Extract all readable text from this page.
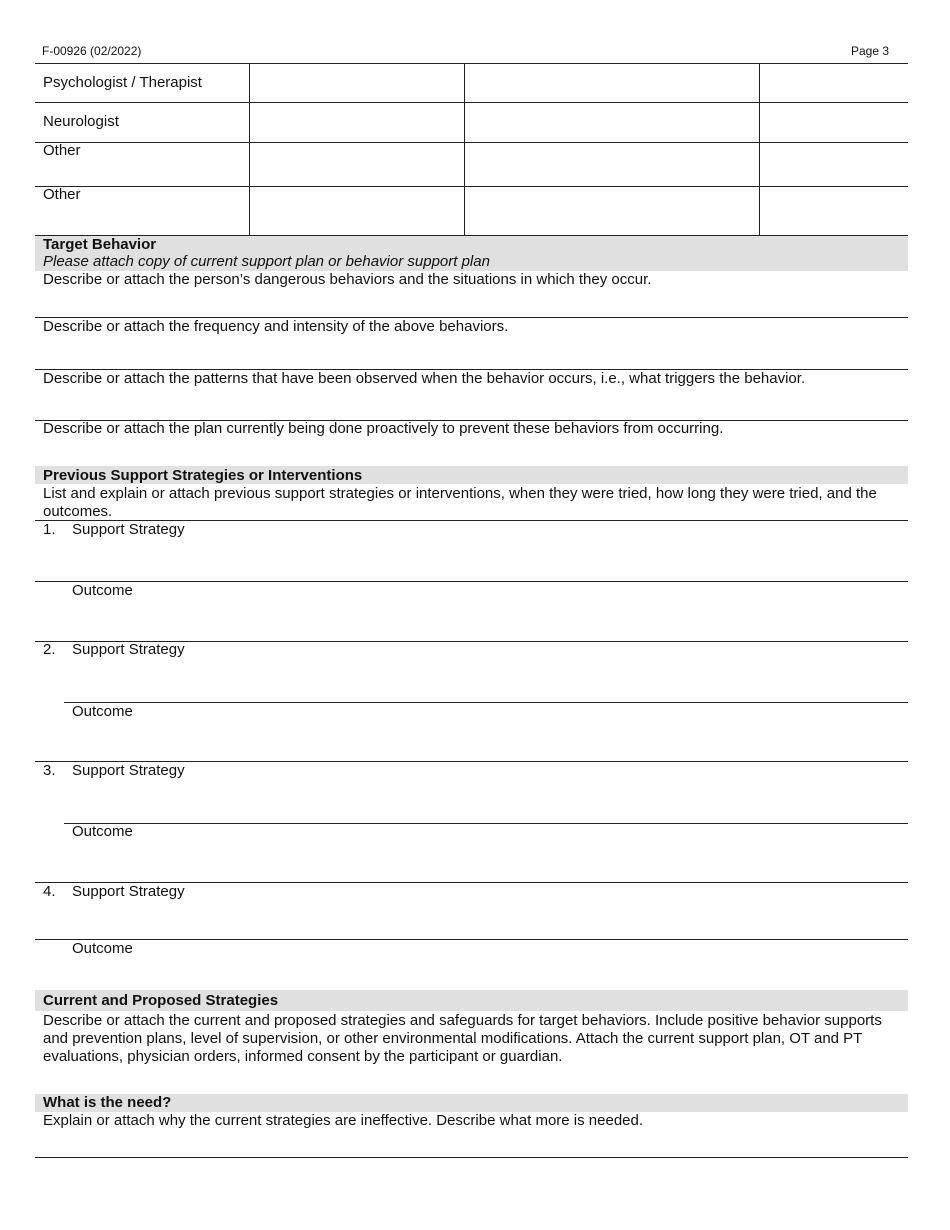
F-00926 (02/2022)	Page 3
Psychologist / Therapist
Neurologist
Other
Other
Target Behavior
Please attach copy of current support plan or behavior support plan
Describe or attach the person’s dangerous behaviors and the situations in which they occur.
Describe or attach the frequency and intensity of the above behaviors.
Describe or attach the patterns that have been observed when the behavior occurs, i.e., what triggers the behavior.
Describe or attach the plan currently being done proactively to prevent these behaviors from occurring.
Previous Support Strategies or Interventions
List and explain or attach previous support strategies or interventions, when they were tried, how long they were tried, and the outcomes.
1. Support Strategy
Outcome
2. Support Strategy
Outcome
3. Support Strategy
Outcome
4. Support Strategy
Outcome
Current and Proposed Strategies
Describe or attach the current and proposed strategies and safeguards for target behaviors. Include positive behavior supports and prevention plans, level of supervision, or other environmental modifications. Attach the current support plan, OT and PT evaluations, physician orders, informed consent by the participant or guardian.
What is the need?
Explain or attach why the current strategies are ineffective. Describe what more is needed.
